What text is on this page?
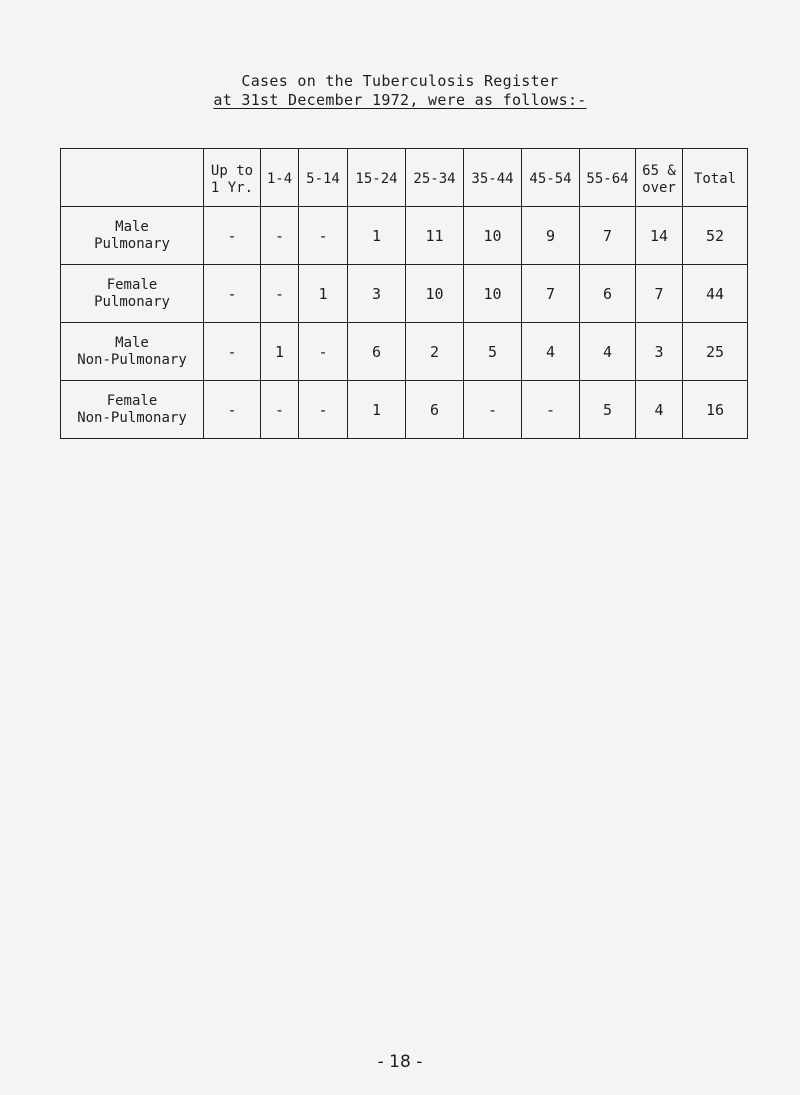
Cases on the Tuberculosis Register
at 31st December 1972, were as follows:-
	Up to
1 Yr.	1-4	5-14	15-24	25-34	35-44	45-54	55-64	65 &
over	Total
Male
Pulmonary	-	-	-	1	11	10	9	7	14	52
Female
Pulmonary	-	-	1	3	10	10	7	6	7	44
Male
Non-Pulmonary	-	1	-	6	2	5	4	4	3	25
Female
Non-Pulmonary	-	-	-	1	6	-	-	5	4	16
- 18 -
